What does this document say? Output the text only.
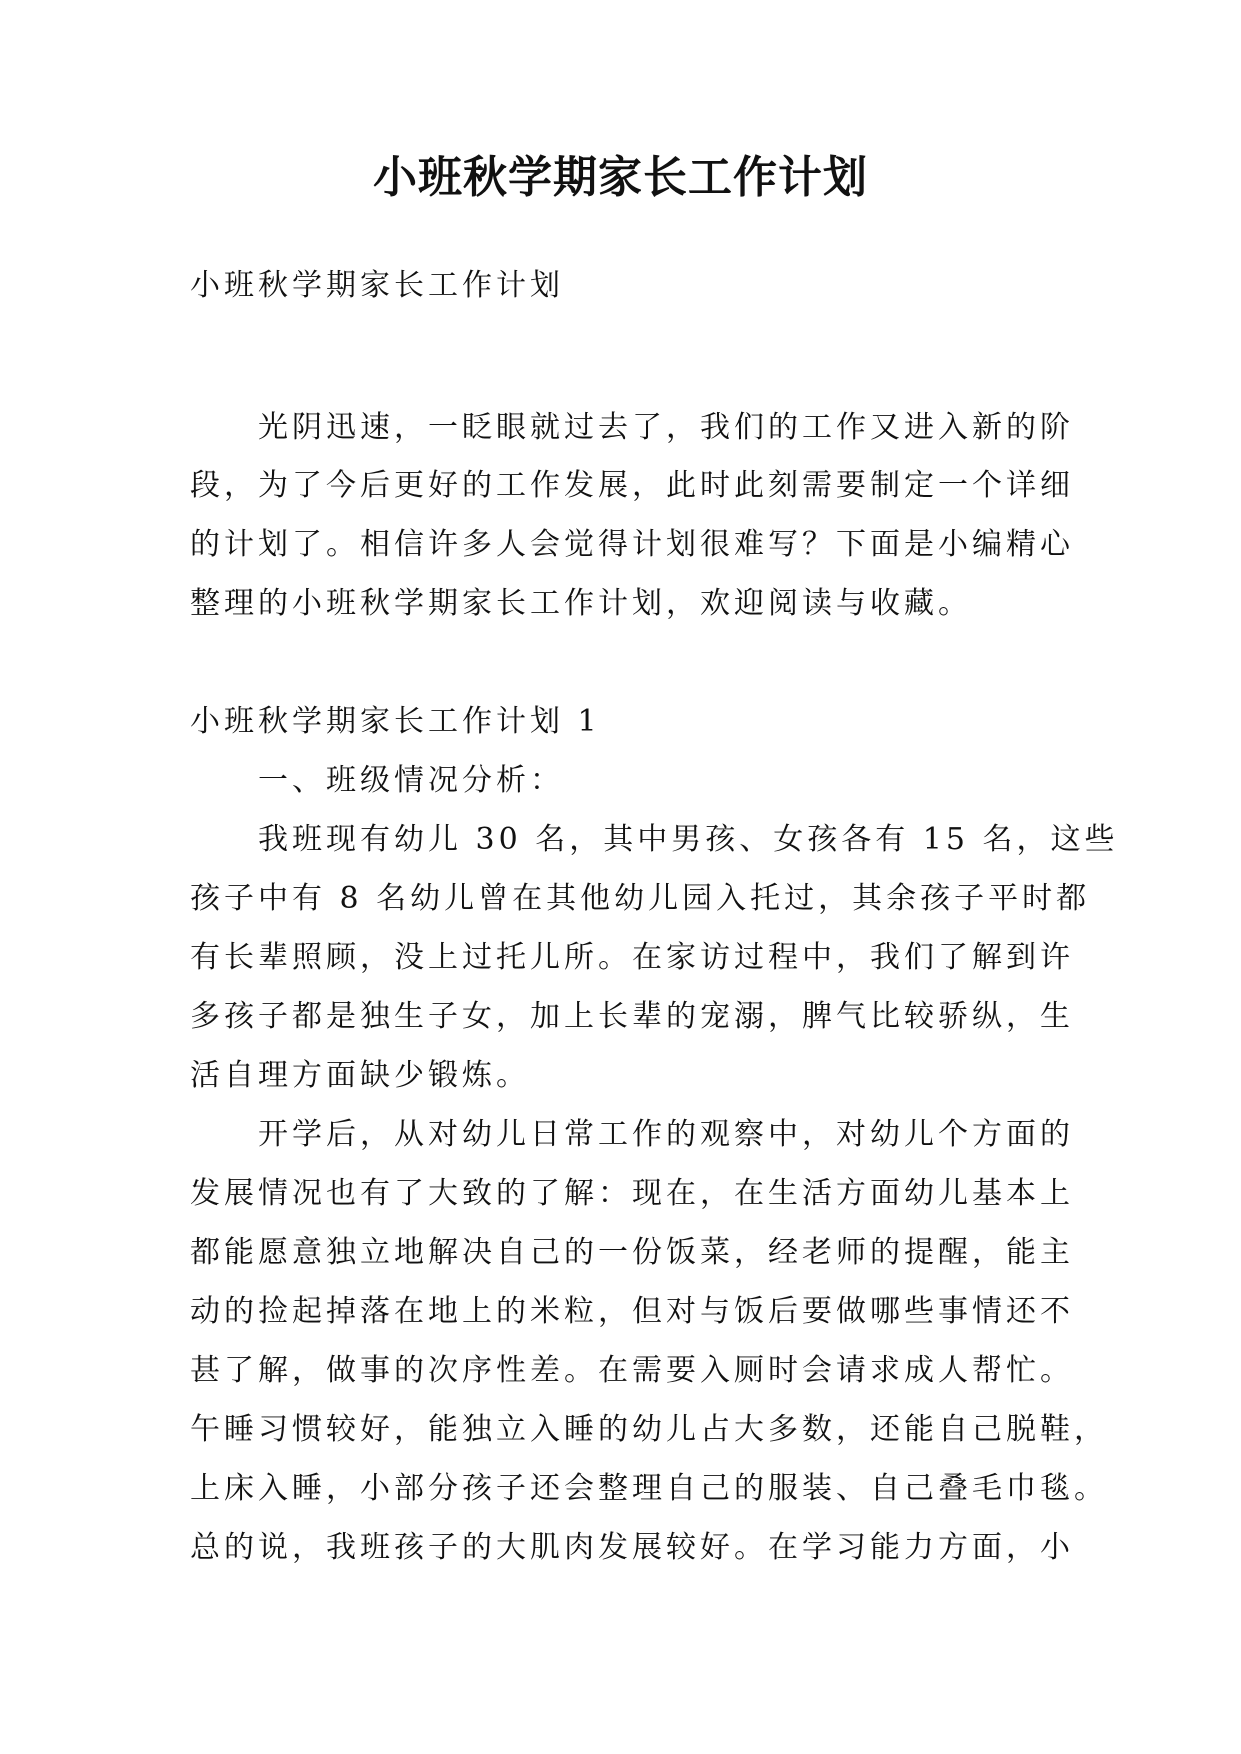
小班秋学期家长工作计划

小班秋学期家长工作计划

光阴迅速，一眨眼就过去了，我们的工作又进入新的阶

段，为了今后更好的工作发展，此时此刻需要制定一个详细

的计划了。相信许多人会觉得计划很难写？下面是小编精心

整理的小班秋学期家长工作计划，欢迎阅读与收藏。

小班秋学期家长工作计划 1

一、班级情况分析：

我班现有幼儿 30 名，其中男孩、女孩各有 15 名，这些

孩子中有 8 名幼儿曾在其他幼儿园入托过，其余孩子平时都

有长辈照顾，没上过托儿所。在家访过程中，我们了解到许

多孩子都是独生子女，加上长辈的宠溺，脾气比较骄纵，生

活自理方面缺少锻炼。

开学后，从对幼儿日常工作的观察中，对幼儿个方面的

发展情况也有了大致的了解：现在，在生活方面幼儿基本上

都能愿意独立地解决自己的一份饭菜，经老师的提醒，能主

动的捡起掉落在地上的米粒，但对与饭后要做哪些事情还不

甚了解，做事的次序性差。在需要入厕时会请求成人帮忙。

午睡习惯较好，能独立入睡的幼儿占大多数，还能自己脱鞋，

上床入睡，小部分孩子还会整理自己的服装、自己叠毛巾毯。

总的说，我班孩子的大肌肉发展较好。在学习能力方面，小
